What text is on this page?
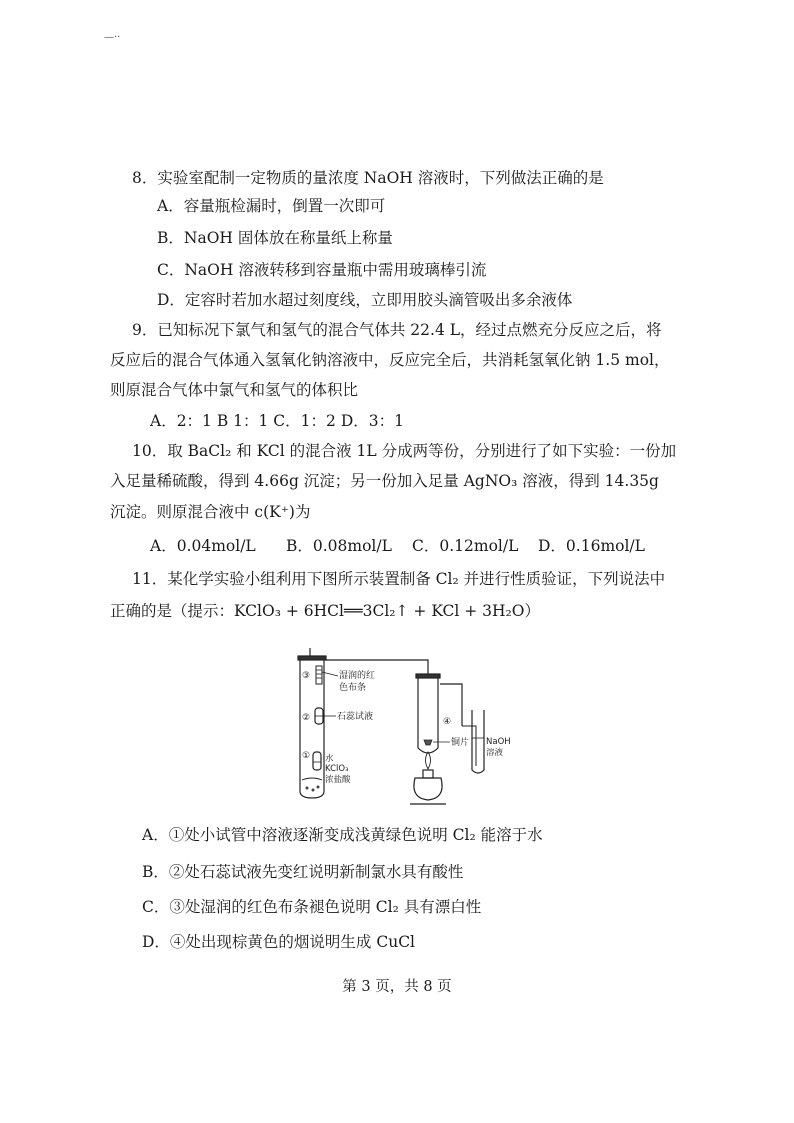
—··
8．实验室配制一定物质的量浓度 NaOH 溶液时，下列做法正确的是
A．容量瓶检漏时，倒置一次即可
B．NaOH 固体放在称量纸上称量
C．NaOH 溶液转移到容量瓶中需用玻璃棒引流
D．定容时若加水超过刻度线，立即用胶头滴管吸出多余液体
9．已知标况下氯气和氢气的混合气体共 22.4 L，经过点燃充分反应之后，将
反应后的混合气体通入氢氧化钠溶液中，反应完全后，共消耗氢氧化钠 1.5 mol，
则原混合气体中氯气和氢气的体积比
A．2：1 B 1：1 C．1：2 D．3：1
10．取 BaCl₂ 和 KCl 的混合液 1L 分成两等份，分别进行了如下实验：一份加
入足量稀硫酸，得到 4.66g 沉淀；另一份加入足量 AgNO₃ 溶液，得到 14.35g
沉淀。则原混合液中 c(K⁺)为
A．0.04mol/L B．0.08mol/L C．0.12mol/L D．0.16mol/L
11．某化学实验小组利用下图所示装置制备 Cl₂ 并进行性质验证，下列说法中
正确的是（提示：KClO₃ + 6HCl══3Cl₂↑ + KCl + 3H₂O）
③
②
①
湿润的红
色布条
石蕊试液
水
KClO₃
浓盐酸
④
铜片 NaOH
溶液
A．①处小试管中溶液逐渐变成浅黄绿色说明 Cl₂ 能溶于水
B．②处石蕊试液先变红说明新制氯水具有酸性
C．③处湿润的红色布条褪色说明 Cl₂ 具有漂白性
D．④处出现棕黄色的烟说明生成 CuCl
第 3 页，共 8 页
